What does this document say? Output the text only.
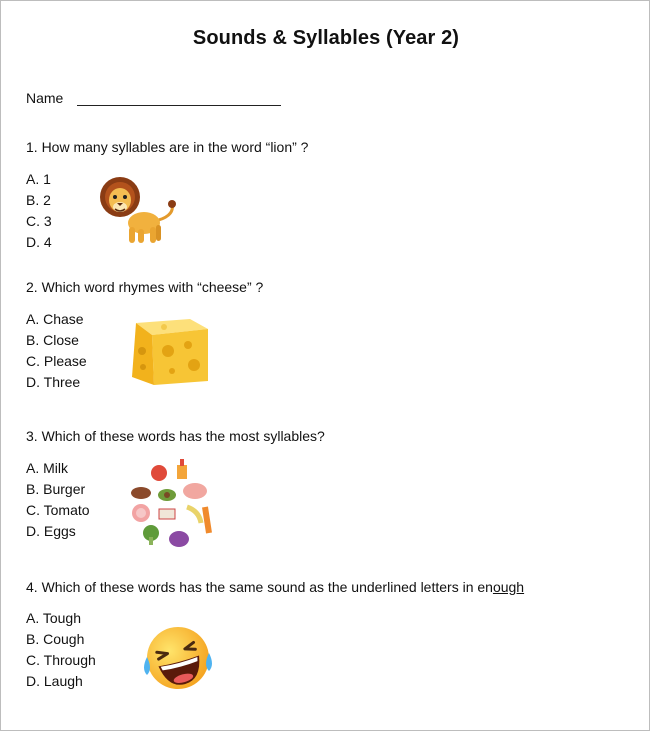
Sounds & Syllables (Year 2)
Name
1. How many syllables are in the word “lion” ?
A. 1
B. 2
C. 3
D. 4
2. Which word rhymes with “cheese” ?
A. Chase
B. Close
C. Please
D. Three
3. Which of these words has the most syllables?
A. Milk
B. Burger
C. Tomato
D. Eggs
4. Which of these words has the same sound as the underlined letters in enough
A. Tough
B. Cough
C. Through
D. Laugh
